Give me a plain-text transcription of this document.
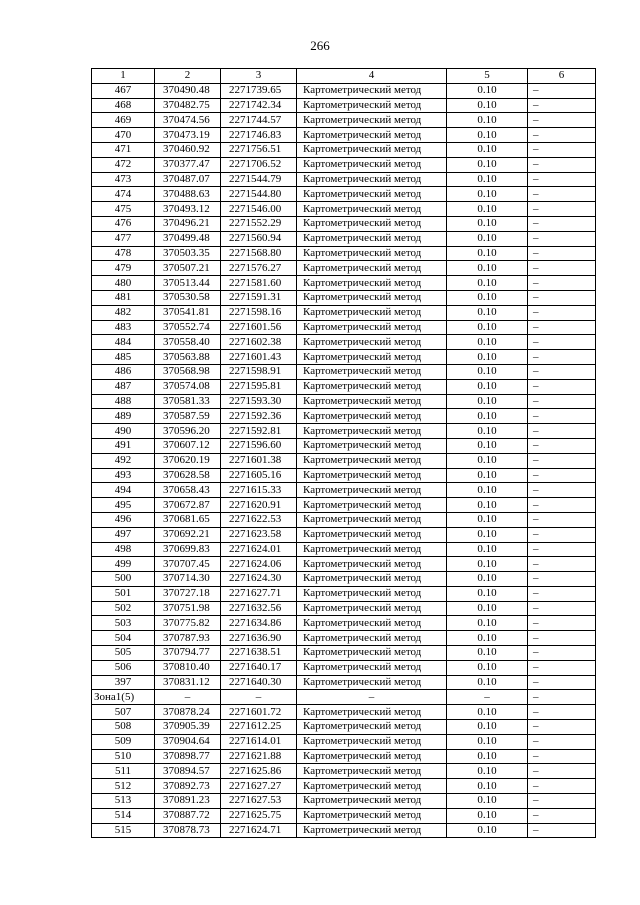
266
1	2	3	4	5	6
467	370490.48	2271739.65	Картометрический метод	0.10	–
468	370482.75	2271742.34	Картометрический метод	0.10	–
469	370474.56	2271744.57	Картометрический метод	0.10	–
470	370473.19	2271746.83	Картометрический метод	0.10	–
471	370460.92	2271756.51	Картометрический метод	0.10	–
472	370377.47	2271706.52	Картометрический метод	0.10	–
473	370487.07	2271544.79	Картометрический метод	0.10	–
474	370488.63	2271544.80	Картометрический метод	0.10	–
475	370493.12	2271546.00	Картометрический метод	0.10	–
476	370496.21	2271552.29	Картометрический метод	0.10	–
477	370499.48	2271560.94	Картометрический метод	0.10	–
478	370503.35	2271568.80	Картометрический метод	0.10	–
479	370507.21	2271576.27	Картометрический метод	0.10	–
480	370513.44	2271581.60	Картометрический метод	0.10	–
481	370530.58	2271591.31	Картометрический метод	0.10	–
482	370541.81	2271598.16	Картометрический метод	0.10	–
483	370552.74	2271601.56	Картометрический метод	0.10	–
484	370558.40	2271602.38	Картометрический метод	0.10	–
485	370563.88	2271601.43	Картометрический метод	0.10	–
486	370568.98	2271598.91	Картометрический метод	0.10	–
487	370574.08	2271595.81	Картометрический метод	0.10	–
488	370581.33	2271593.30	Картометрический метод	0.10	–
489	370587.59	2271592.36	Картометрический метод	0.10	–
490	370596.20	2271592.81	Картометрический метод	0.10	–
491	370607.12	2271596.60	Картометрический метод	0.10	–
492	370620.19	2271601.38	Картометрический метод	0.10	–
493	370628.58	2271605.16	Картометрический метод	0.10	–
494	370658.43	2271615.33	Картометрический метод	0.10	–
495	370672.87	2271620.91	Картометрический метод	0.10	–
496	370681.65	2271622.53	Картометрический метод	0.10	–
497	370692.21	2271623.58	Картометрический метод	0.10	–
498	370699.83	2271624.01	Картометрический метод	0.10	–
499	370707.45	2271624.06	Картометрический метод	0.10	–
500	370714.30	2271624.30	Картометрический метод	0.10	–
501	370727.18	2271627.71	Картометрический метод	0.10	–
502	370751.98	2271632.56	Картометрический метод	0.10	–
503	370775.82	2271634.86	Картометрический метод	0.10	–
504	370787.93	2271636.90	Картометрический метод	0.10	–
505	370794.77	2271638.51	Картометрический метод	0.10	–
506	370810.40	2271640.17	Картометрический метод	0.10	–
397	370831.12	2271640.30	Картометрический метод	0.10	–
Зона1(5)	–	–	–	–	–
507	370878.24	2271601.72	Картометрический метод	0.10	–
508	370905.39	2271612.25	Картометрический метод	0.10	–
509	370904.64	2271614.01	Картометрический метод	0.10	–
510	370898.77	2271621.88	Картометрический метод	0.10	–
511	370894.57	2271625.86	Картометрический метод	0.10	–
512	370892.73	2271627.27	Картометрический метод	0.10	–
513	370891.23	2271627.53	Картометрический метод	0.10	–
514	370887.72	2271625.75	Картометрический метод	0.10	–
515	370878.73	2271624.71	Картометрический метод	0.10	–
